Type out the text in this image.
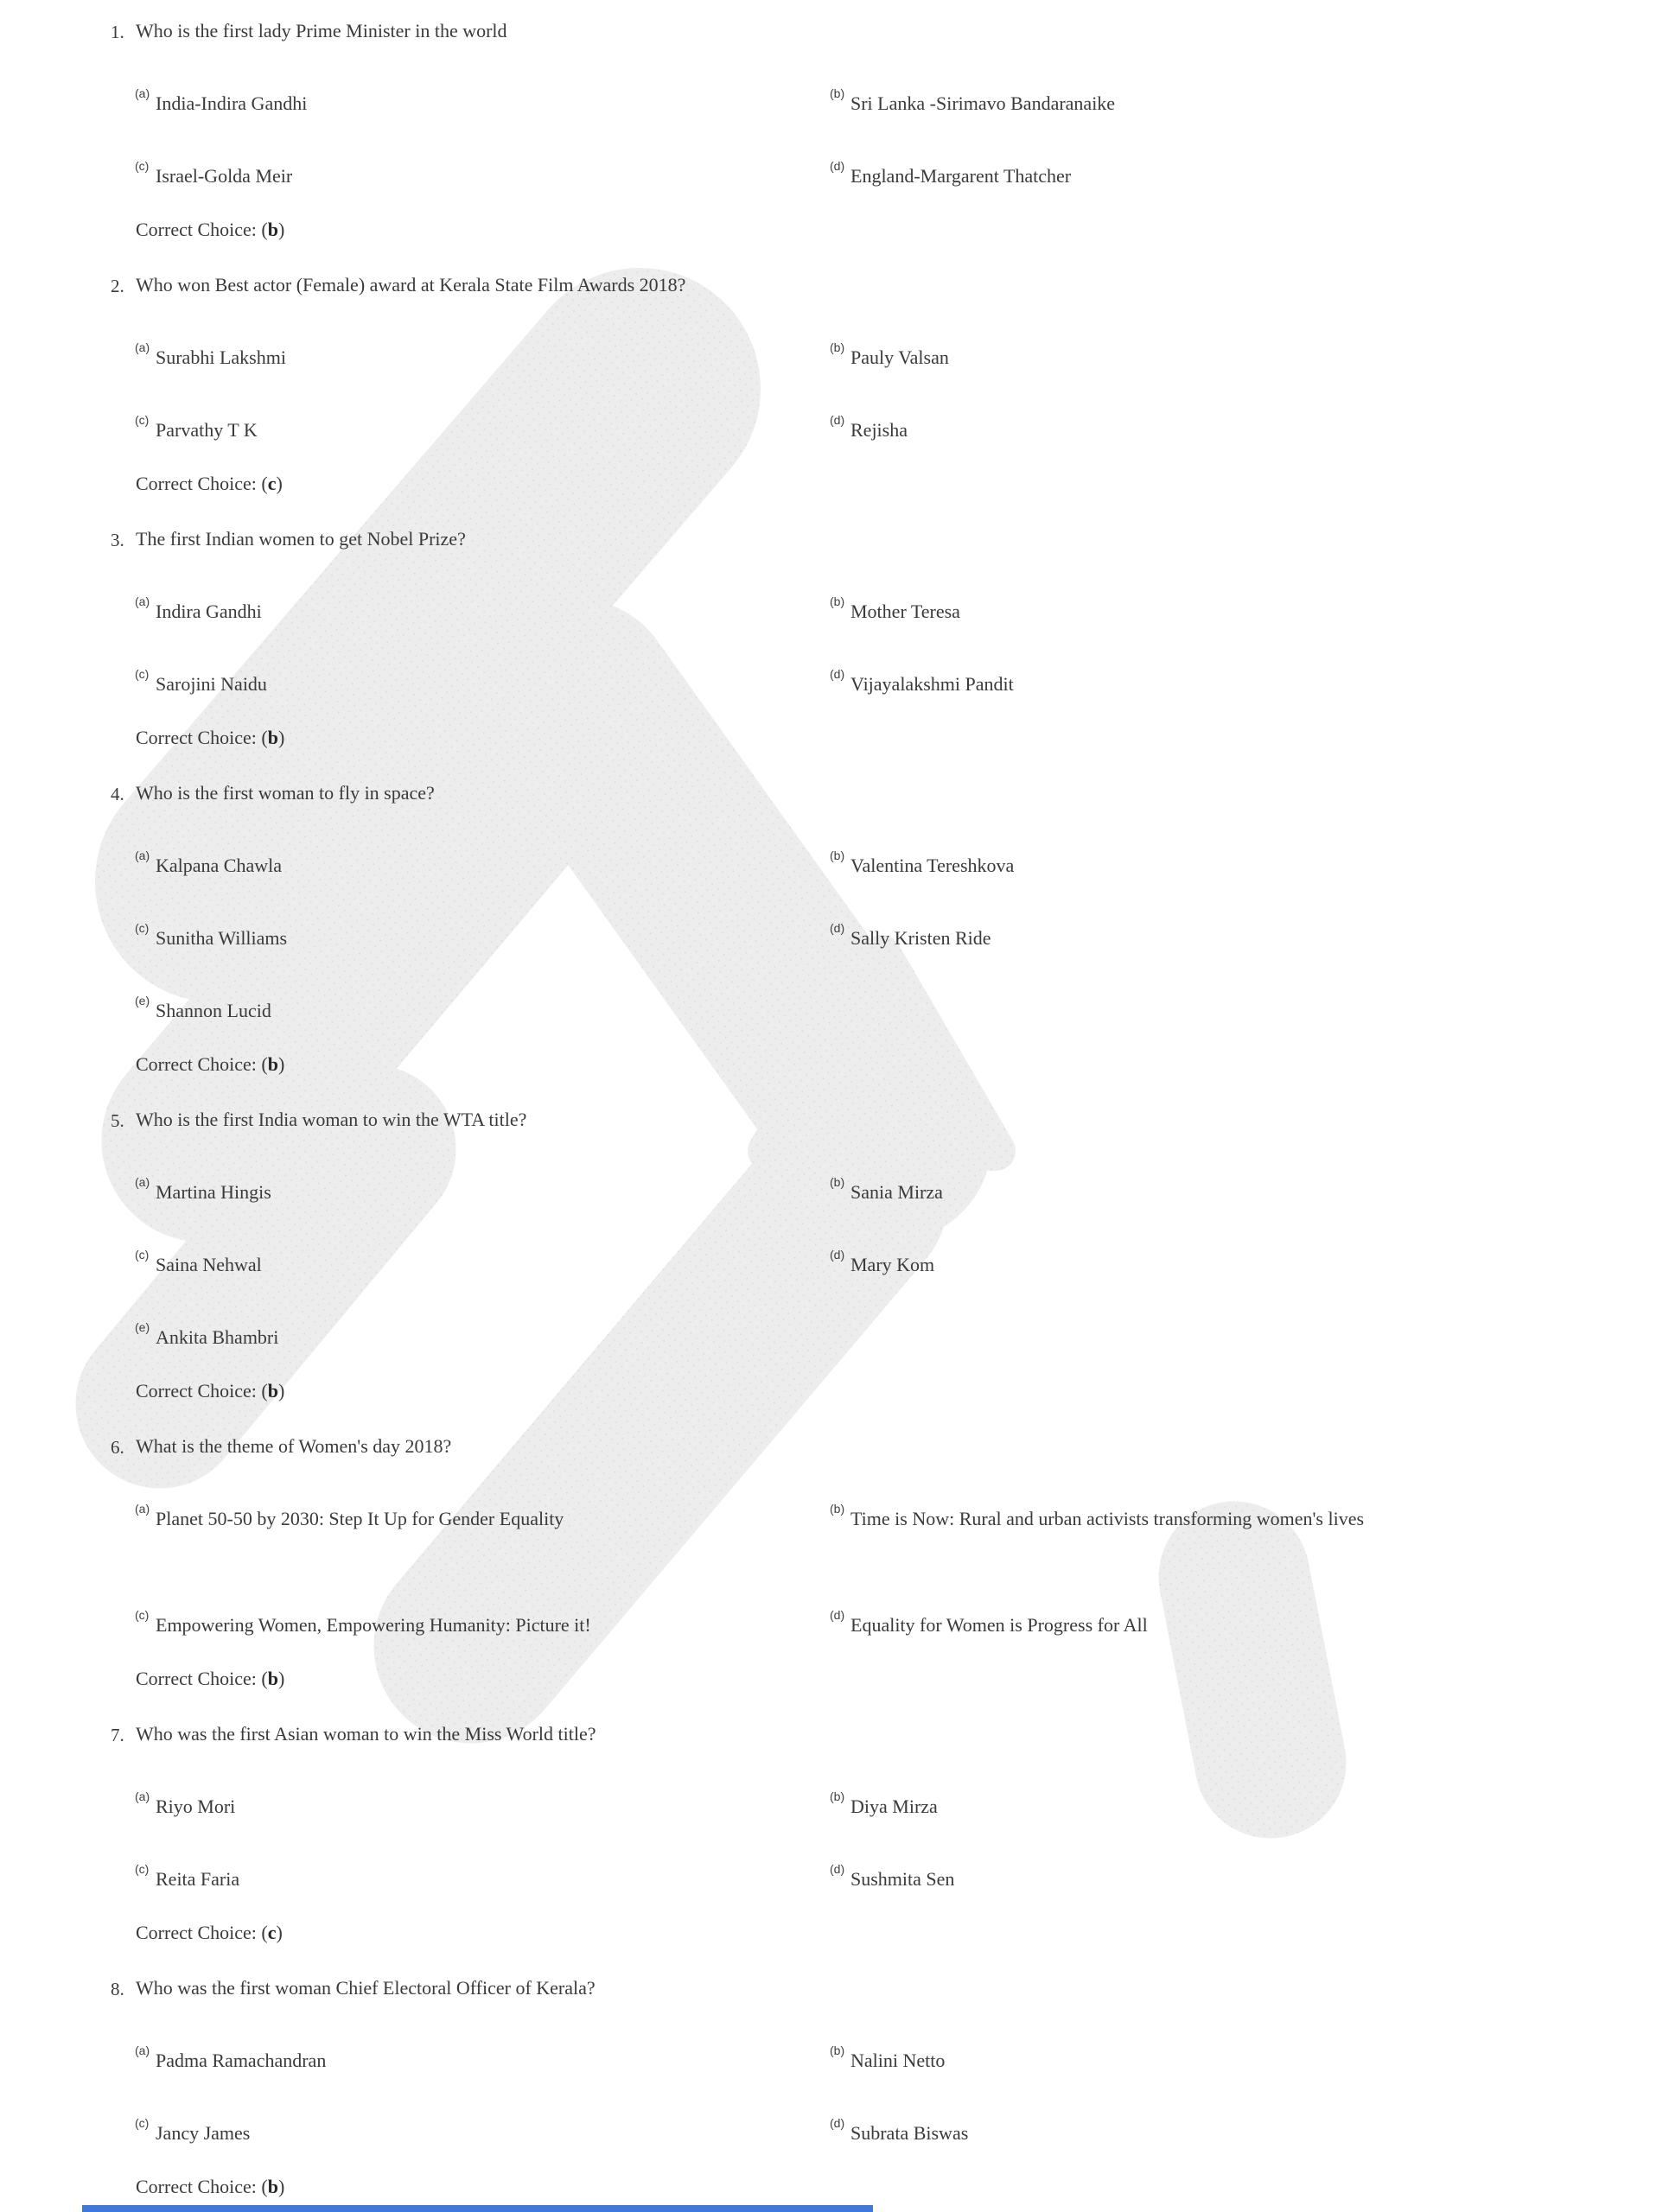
1. Who is the first lady Prime Minister in the world
(a) India-Indira Gandhi	(b) Sri Lanka -Sirimavo Bandaranaike
(c) Israel-Golda Meir	(d) England-Margarent Thatcher
Correct Choice: (b)
2. Who won Best actor (Female) award at Kerala State Film Awards 2018?
(a) Surabhi Lakshmi	(b) Pauly Valsan
(c) Parvathy T K	(d) Rejisha
Correct Choice: (c)
3. The first Indian women to get Nobel Prize?
(a) Indira Gandhi	(b) Mother Teresa
(c) Sarojini Naidu	(d) Vijayalakshmi Pandit
Correct Choice: (b)
4. Who is the first woman to fly in space?
(a) Kalpana Chawla	(b) Valentina Tereshkova
(c) Sunitha Williams	(d) Sally Kristen Ride
(e) Shannon Lucid
Correct Choice: (b)
5. Who is the first India woman to win the WTA title?
(a) Martina Hingis	(b) Sania Mirza
(c) Saina Nehwal	(d) Mary Kom
(e) Ankita Bhambri
Correct Choice: (b)
6. What is the theme of Women's day 2018?
(a) Planet 50-50 by 2030: Step It Up for Gender Equality	(b) Time is Now: Rural and urban activists transforming women's lives
(c) Empowering Women, Empowering Humanity: Picture it!	(d) Equality for Women is Progress for All
Correct Choice: (b)
7. Who was the first Asian woman to win the Miss World title?
(a) Riyo Mori	(b) Diya Mirza
(c) Reita Faria	(d) Sushmita Sen
Correct Choice: (c)
8. Who was the first woman Chief Electoral Officer of Kerala?
(a) Padma Ramachandran	(b) Nalini Netto
(c) Jancy James	(d) Subrata Biswas
Correct Choice: (b)
